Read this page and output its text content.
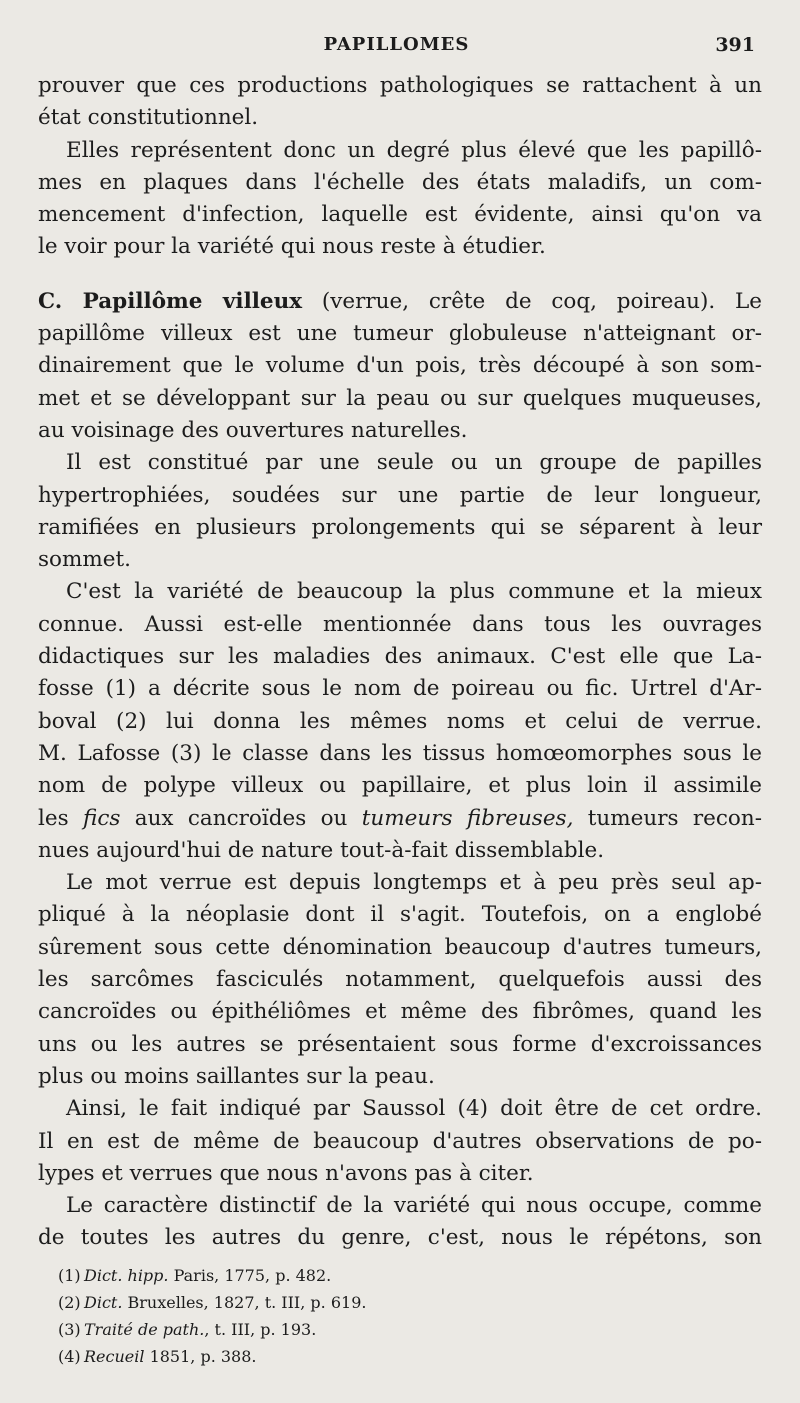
PAPILLOMES	391
prouver que ces productions pathologiques se rattachent à un
état constitutionnel.
Elles représentent donc un degré plus élevé que les papillô-
mes en plaques dans l'échelle des états maladifs, un com-
mencement d'infection, laquelle est évidente, ainsi qu'on va
le voir pour la variété qui nous reste à étudier.
C. Papillôme villeux (verrue, crête de coq, poireau). Le
papillôme villeux est une tumeur globuleuse n'atteignant or-
dinairement que le volume d'un pois, très découpé à son som-
met et se développant sur la peau ou sur quelques muqueuses,
au voisinage des ouvertures naturelles.
Il est constitué par une seule ou un groupe de papilles
hypertrophiées, soudées sur une partie de leur longueur,
ramifiées en plusieurs prolongements qui se séparent à leur
sommet.
C'est la variété de beaucoup la plus commune et la mieux
connue. Aussi est-elle mentionnée dans tous les ouvrages
didactiques sur les maladies des animaux. C'est elle que La-
fosse (1) a décrite sous le nom de poireau ou fic. Urtrel d'Ar-
boval (2) lui donna les mêmes noms et celui de verrue.
M. Lafosse (3) le classe dans les tissus homœomorphes sous le
nom de polype villeux ou papillaire, et plus loin il assimile
les fics aux cancroïdes ou tumeurs fibreuses, tumeurs recon-
nues aujourd'hui de nature tout-à-fait dissemblable.
Le mot verrue est depuis longtemps et à peu près seul ap-
pliqué à la néoplasie dont il s'agit. Toutefois, on a englobé
sûrement sous cette dénomination beaucoup d'autres tumeurs,
les sarcômes fasciculés notamment, quelquefois aussi des
cancroïdes ou épithéliômes et même des fibrômes, quand les
uns ou les autres se présentaient sous forme d'excroissances
plus ou moins saillantes sur la peau.
Ainsi, le fait indiqué par Saussol (4) doit être de cet ordre.
Il en est de même de beaucoup d'autres observations de po-
lypes et verrues que nous n'avons pas à citer.
Le caractère distinctif de la variété qui nous occupe, comme
de toutes les autres du genre, c'est, nous le répétons, son
(1) Dict. hipp. Paris, 1775, p. 482.
(2) Dict. Bruxelles, 1827, t. III, p. 619.
(3) Traité de path., t. III, p. 193.
(4) Recueil 1851, p. 388.
